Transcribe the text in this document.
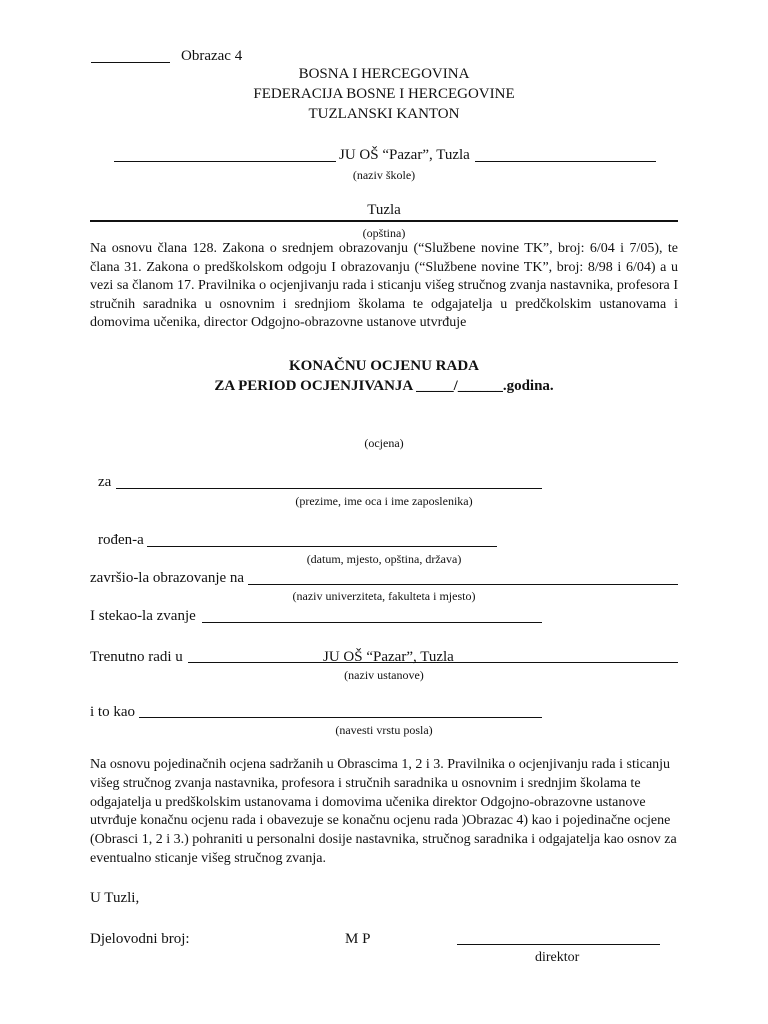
Obrazac 4
BOSNA I HERCEGOVINA
FEDERACIJA BOSNE I HERCEGOVINE
TUZLANSKI KANTON
JU OŠ “Pazar”, Tuzla
(naziv škole)
Tuzla
(opština)
Na osnovu člana 128. Zakona o srednjem obrazovanju (“Službene novine TK”, broj: 6/04 i 7/05), te člana 31. Zakona o predškolskom odgoju I obrazovanju (“Službene novine TK”, broj: 8/98 i 6/04) a u vezi sa članom 17. Pravilnika o ocjenjivanju rada i sticanju višeg stručnog zvanja nastavnika, profesora I stručnih saradnika u osnovnim i srednjiom školama te odgajatelja u predčkolskim ustanovama i domovima učenika, director Odgojno-obrazovne ustanove utvrđuje
KONAČNU OCJENU RADA
ZA PERIOD OCJENJIVANJA _____/______.godina.
(ocjena)
za
(prezime, ime oca i ime zaposlenika)
rođen-a
(datum, mjesto, opština, država)
završio-la obrazovanje na
(naziv univerziteta, fakulteta i mjesto)
I stekao-la zvanje
Trenutno radi u	JU OŠ “Pazar”, Tuzla
(naziv ustanove)
i to kao
(navesti vrstu posla)
Na osnovu pojedinačnih ocjena sadržanih u Obrascima 1, 2 i 3. Pravilnika o ocjenjivanju rada i sticanju višeg stručnog zvanja nastavnika, profesora i stručnih saradnika u osnovnim i srednjim školama te odgajatelja u predškolskim ustanovama i domovima učenika direktor Odgojno-obrazovne ustanove utvrđuje konačnu ocjenu rada i obavezuje se konačnu ocjenu rada )Obrazac 4) kao i pojedinačne ocjene (Obrasci 1, 2 i 3.) pohraniti u personalni dosije nastavnika, stručnog saradnika i odgajatelja kao osnov za eventualno sticanje višeg stručnog zvanja.
U Tuzli,
Djelovodni broj:	M P
direktor
